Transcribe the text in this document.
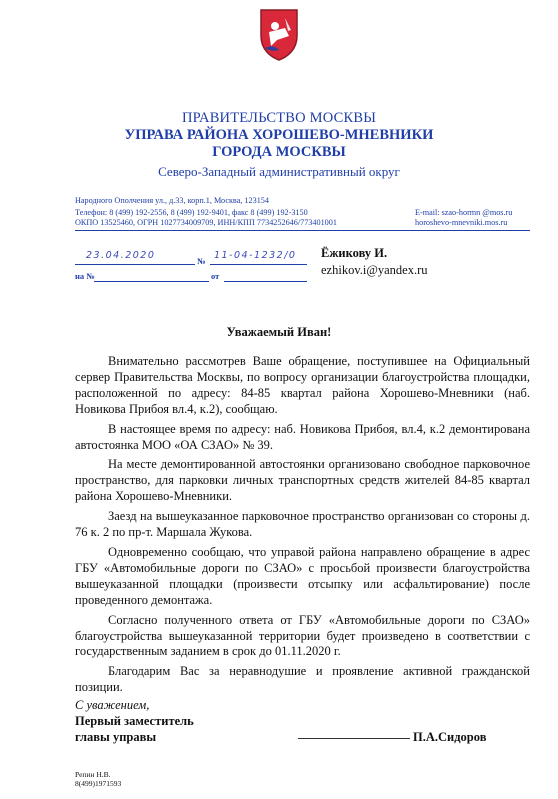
ПРАВИТЕЛЬСТВО МОСКВЫ
УПРАВА РАЙОНА ХОРОШЕВО-МНЕВНИКИ
ГОРОДА МОСКВЫ
Северо-Западный административный округ
Народного Ополчения ул., д.33, корп.1, Москва, 123154
Телефон: 8 (499) 192-2556, 8 (499) 192-9401, факс 8 (499) 192-3150
ОКПО 13525460, ОГРН 1027734009709, ИНН/КПП 7734252646/773401001
E-mail: szao-hormn @mos.ru
horoshevo-mnevniki.mos.ru
23.04.2020	№ 11-04-1232/0
на №	от
Ёжикову И.
ezhikov.i@yandex.ru
Уважаемый Иван!

Внимательно рассмотрев Ваше обращение, поступившее на Официальный сервер Правительства Москвы, по вопросу организации благоустройства площадки, расположенной по адресу: 84-85 квартал района Хорошево-Мневники (наб. Новикова Прибоя вл.4, к.2), сообщаю.

В настоящее время по адресу: наб. Новикова Прибоя, вл.4, к.2 демонтирована автостоянка МОО «ОА СЗАО» № 39.

На месте демонтированной автостоянки организовано свободное парковочное пространство, для парковки личных транспортных средств жителей 84-85 квартал района Хорошево-Мневники.

Заезд на вышеуказанное парковочное пространство организован со стороны д. 76 к. 2 по пр-т. Маршала Жукова.

Одновременно сообщаю, что управой района направлено обращение в адрес ГБУ «Автомобильные дороги по СЗАО» с просьбой произвести благоустройства вышеуказанной площадки (произвести отсыпку или асфальтирование) после проведенного демонтажа.

Согласно полученного ответа от ГБУ «Автомобильные дороги по СЗАО» благоустройства вышеуказанной территории будет произведено в соответствии с государственным заданием в срок до 01.11.2020 г.

Благодарим Вас за неравнодушие и проявление активной гражданской позиции.

С уважением,
Первый заместитель
главы управы	П.А.Сидоров
Репин Н.В.
8(499)1971593
